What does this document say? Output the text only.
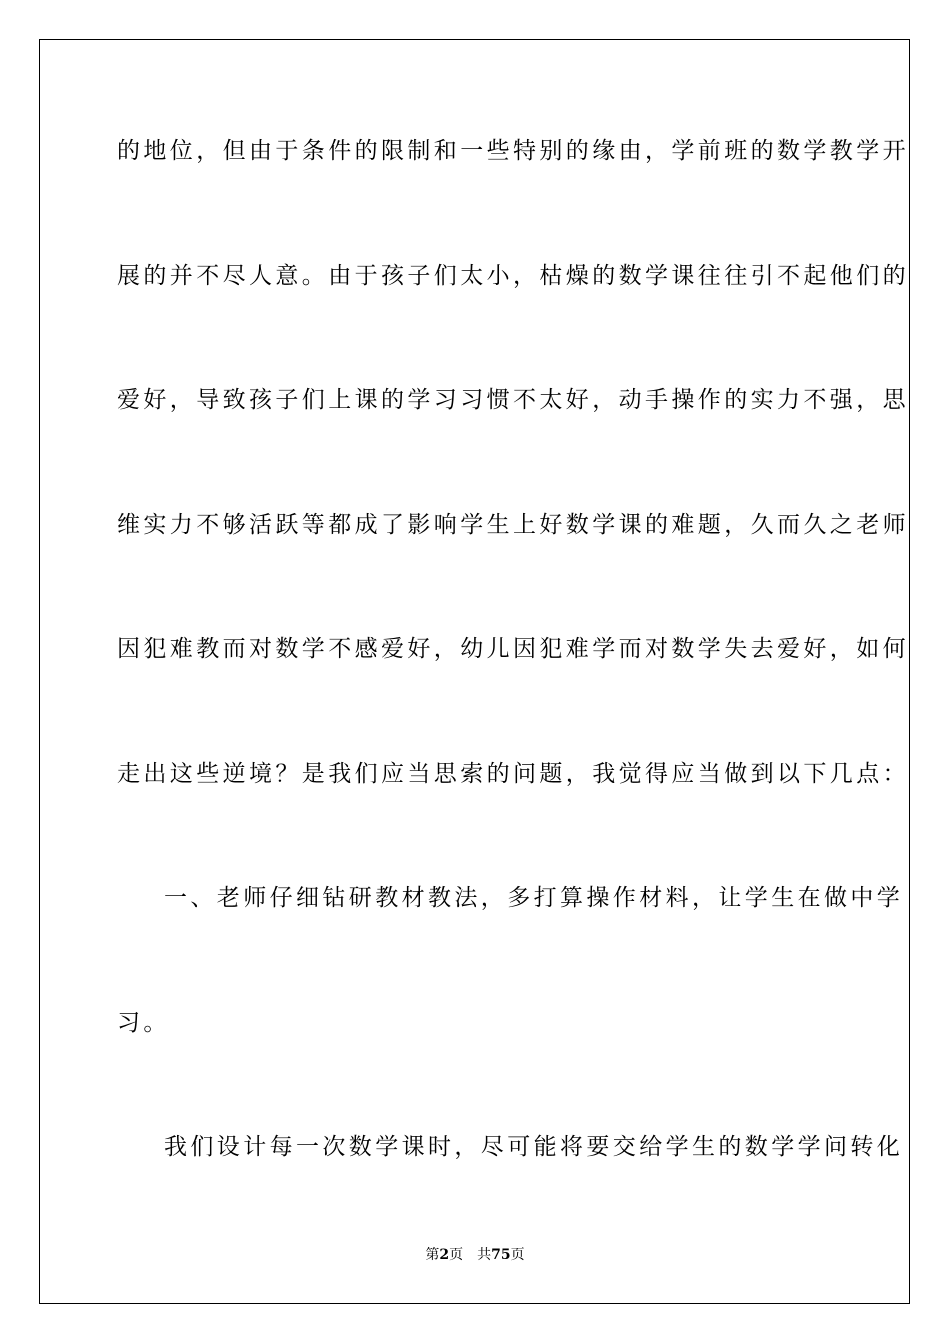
的地位，但由于条件的限制和一些特别的缘由，学前班的数学教学开
展的并不尽人意。由于孩子们太小，枯燥的数学课往往引不起他们的
爱好，导致孩子们上课的学习习惯不太好，动手操作的实力不强，思
维实力不够活跃等都成了影响学生上好数学课的难题，久而久之老师
因犯难教而对数学不感爱好，幼儿因犯难学而对数学失去爱好，如何
走出这些逆境？是我们应当思索的问题，我觉得应当做到以下几点：
一、老师仔细钻研教材教法，多打算操作材料，让学生在做中学
习。
我们设计每一次数学课时，尽可能将要交给学生的数学学问转化
第2页 共75页
